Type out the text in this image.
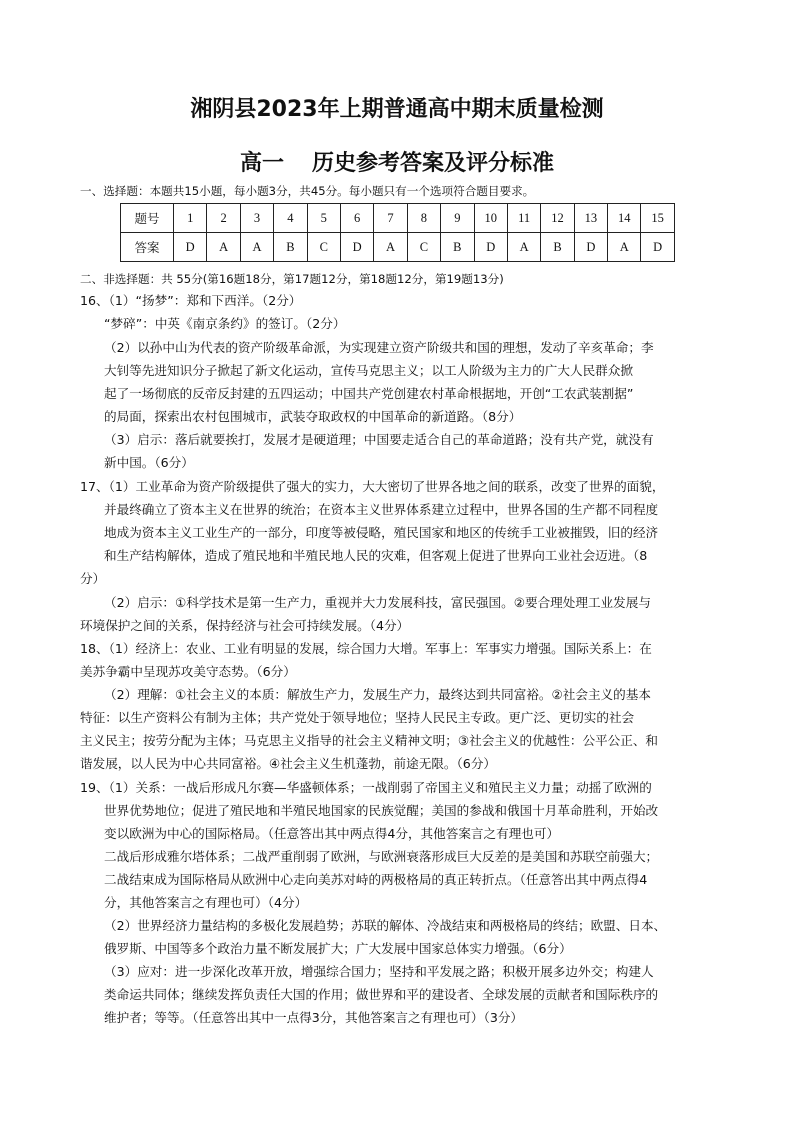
湘阴县2023年上期普通高中期末质量检测
高一 历史参考答案及评分标准
一、选择题：本题共15小题，每小题3分，共45分。每小题只有一个选项符合题目要求。
题号	1	2	3	4	5	6	7	8	9	10	11	12	13	14	15
答案	D	A	A	B	C	D	A	C	B	D	A	B	D	A	D
二、非选择题：共 55分(第16题18分，第17题12分，第18题12分，第19题13分)
16、（1）“扬梦”：郑和下西洋。（2分）
“梦碎”：中英《南京条约》的签订。（2分）
（2）以孙中山为代表的资产阶级革命派，为实现建立资产阶级共和国的理想，发动了辛亥革命；李
大钊等先进知识分子掀起了新文化运动，宣传马克思主义；以工人阶级为主力的广大人民群众掀
起了一场彻底的反帝反封建的五四运动；中国共产党创建农村革命根据地，开创“工农武装割据”
的局面，探索出农村包围城市，武装夺取政权的中国革命的新道路。（8分）
（3）启示：落后就要挨打，发展才是硬道理；中国要走适合自己的革命道路；没有共产党，就没有
新中国。（6分）
17、（1）工业革命为资产阶级提供了强大的实力，大大密切了世界各地之间的联系，改变了世界的面貌，
并最终确立了资本主义在世界的统治；在资本主义世界体系建立过程中，世界各国的生产都不同程度
地成为资本主义工业生产的一部分，印度等被侵略，殖民国家和地区的传统手工业被摧毁，旧的经济
和生产结构解体，造成了殖民地和半殖民地人民的灾难，但客观上促进了世界向工业社会迈进。（8
分）
（2）启示：①科学技术是第一生产力，重视并大力发展科技，富民强国。②要合理处理工业发展与
环境保护之间的关系，保持经济与社会可持续发展。（4分）
18、（1）经济上：农业、工业有明显的发展，综合国力大增。军事上：军事实力增强。国际关系上：在
美苏争霸中呈现苏攻美守态势。（6分）
（2）理解：①社会主义的本质：解放生产力，发展生产力，最终达到共同富裕。②社会主义的基本
特征：以生产资料公有制为主体；共产党处于领导地位；坚持人民民主专政。更广泛、更切实的社会
主义民主；按劳分配为主体；马克思主义指导的社会主义精神文明；③社会主义的优越性：公平公正、和
谐发展，以人民为中心共同富裕。④社会主义生机蓬勃，前途无限。（6分）
19、（1）关系：一战后形成凡尔赛—华盛顿体系；一战削弱了帝国主义和殖民主义力量；动摇了欧洲的
世界优势地位；促进了殖民地和半殖民地国家的民族觉醒；美国的参战和俄国十月革命胜利，开始改
变以欧洲为中心的国际格局。（任意答出其中两点得4分，其他答案言之有理也可）
二战后形成雅尔塔体系；二战严重削弱了欧洲，与欧洲衰落形成巨大反差的是美国和苏联空前强大；
二战结束成为国际格局从欧洲中心走向美苏对峙的两极格局的真正转折点。（任意答出其中两点得4
分，其他答案言之有理也可）（4分）
（2）世界经济力量结构的多极化发展趋势；苏联的解体、冷战结束和两极格局的终结；欧盟、日本、
俄罗斯、中国等多个政治力量不断发展扩大；广大发展中国家总体实力增强。（6分）
（3）应对：进一步深化改革开放，增强综合国力；坚持和平发展之路；积极开展多边外交；构建人
类命运共同体；继续发挥负责任大国的作用；做世界和平的建设者、全球发展的贡献者和国际秩序的
维护者；等等。（任意答出其中一点得3分，其他答案言之有理也可）（3分）
